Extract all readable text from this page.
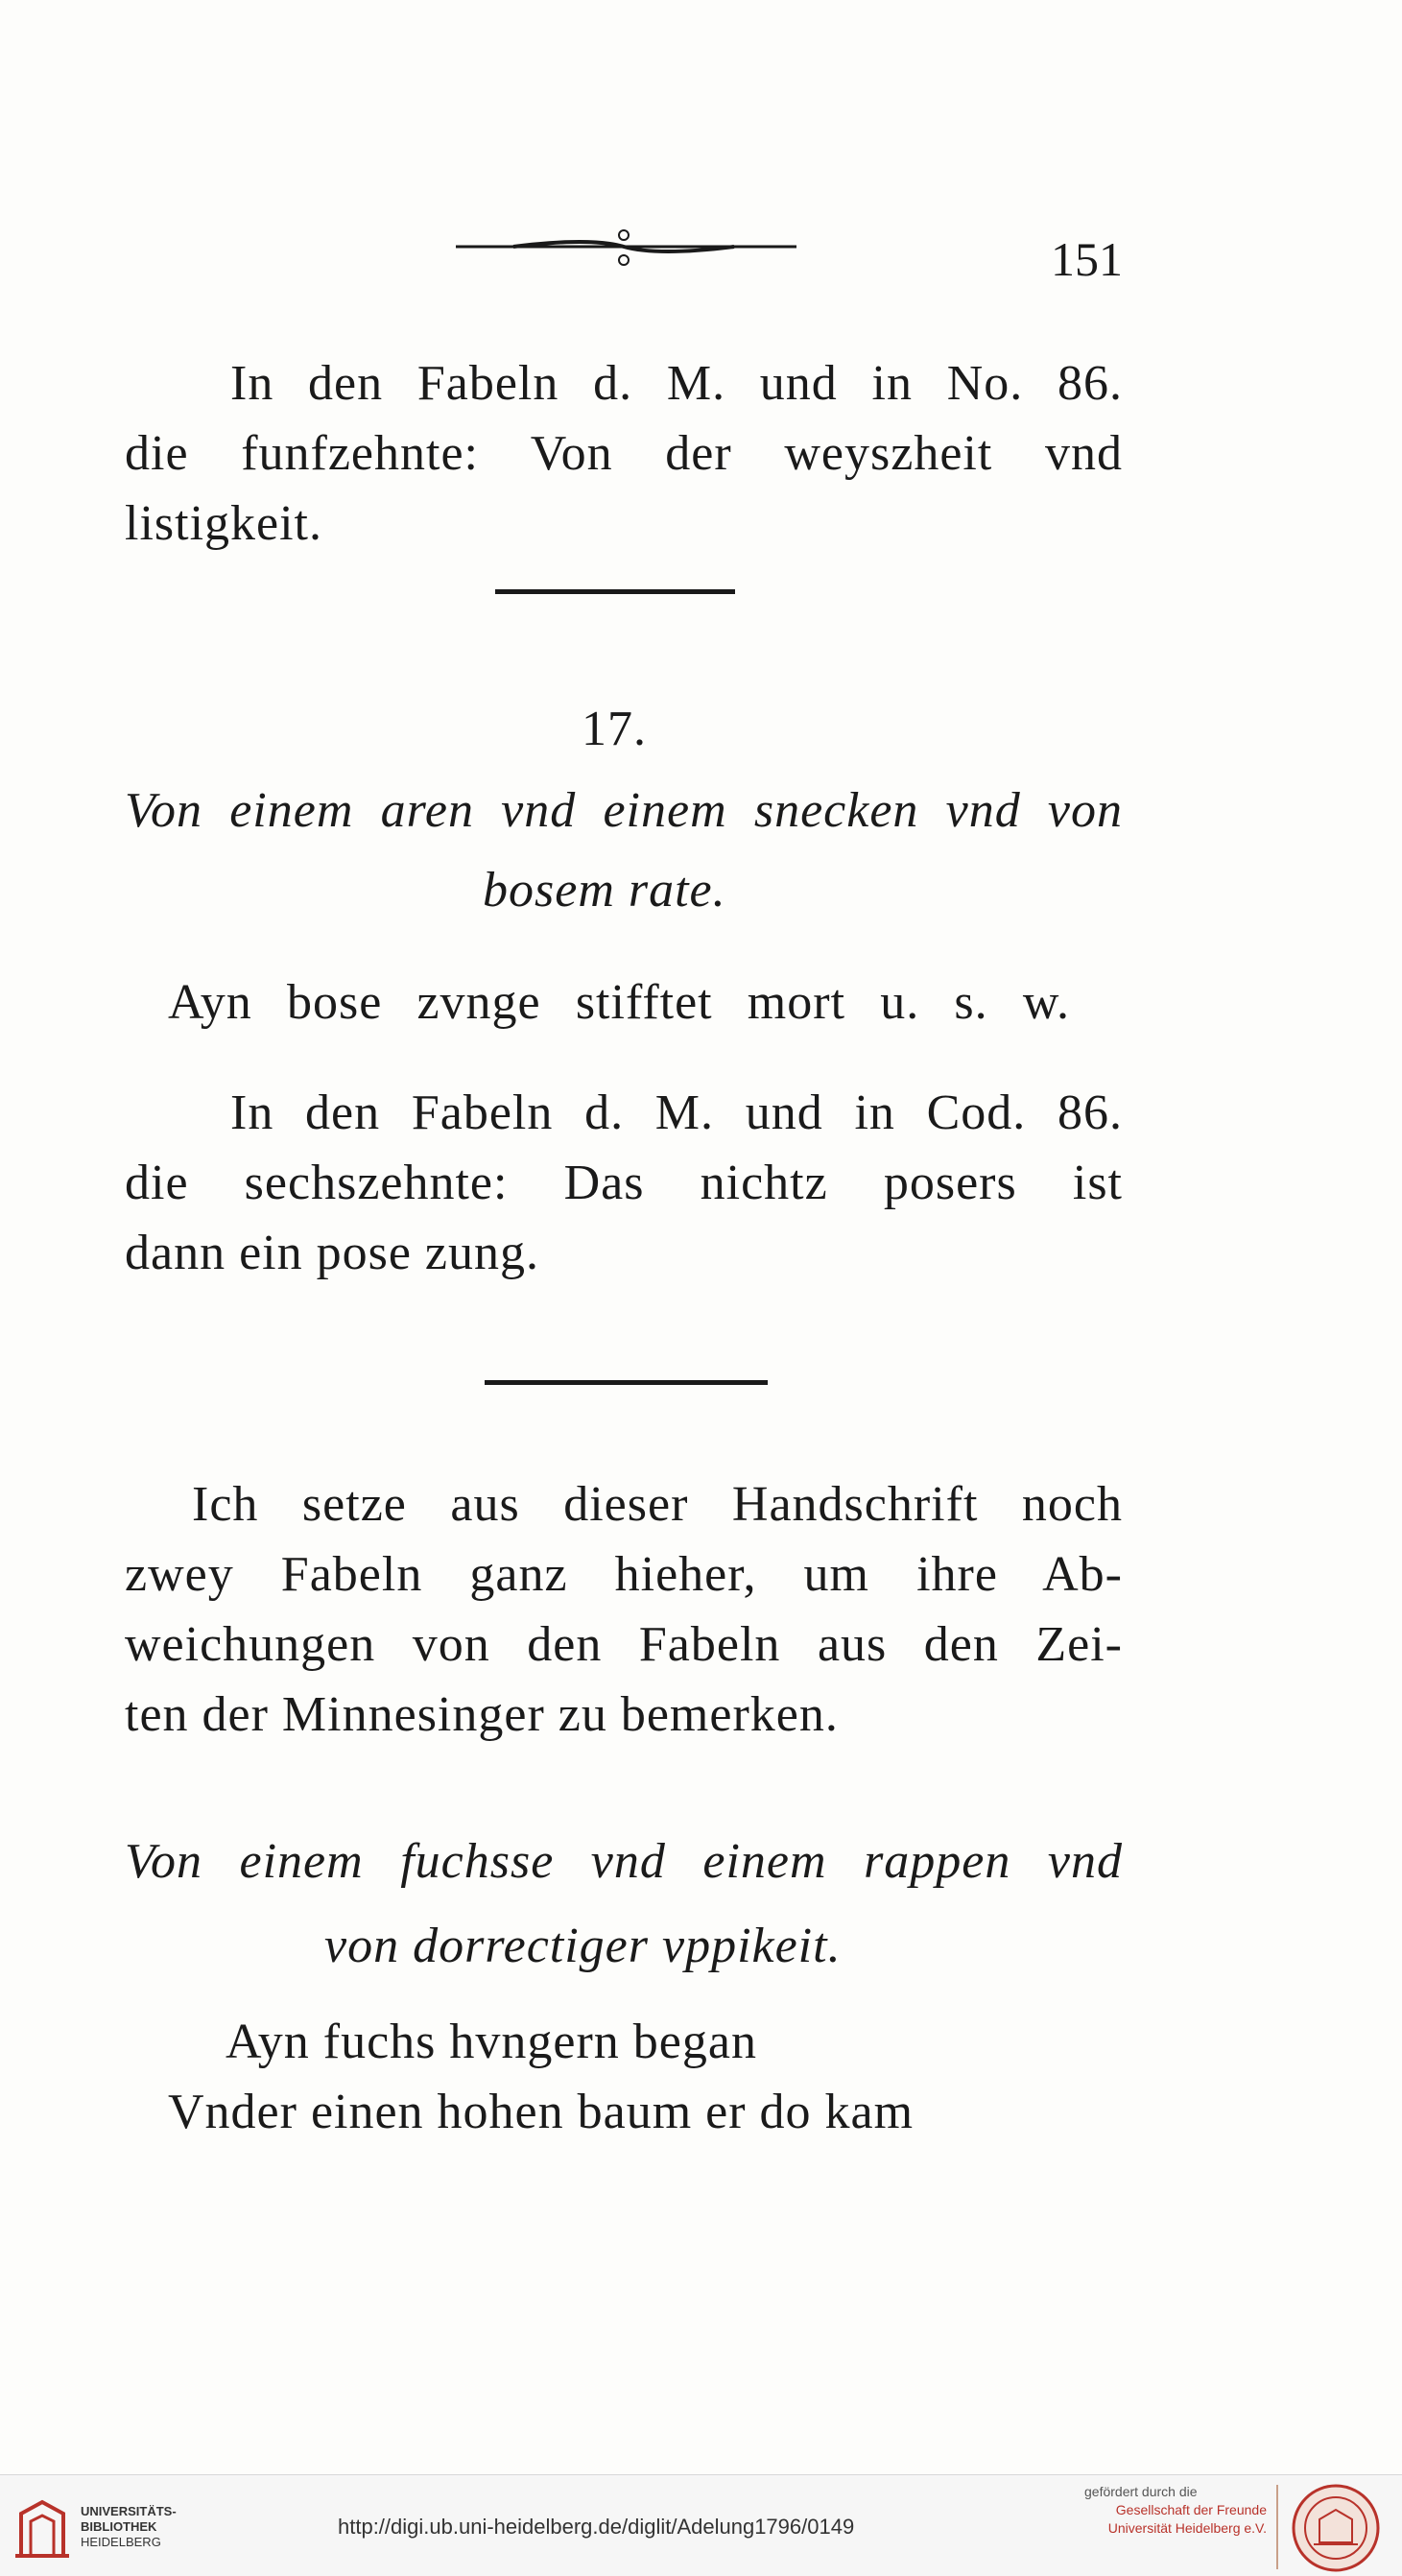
151
In den Fabeln d. M. und in No. 86.
die funfzehnte: Von der weyszheit vnd
listigkeit.
17.
Von einem aren vnd einem snecken vnd von
bosem rate.
Ayn bose zvnge stifftet mort u. s. w.
In den Fabeln d. M. und in Cod. 86.
die sechszehnte: Das nichtz posers ist
dann ein pose zung.
Ich setze aus dieser Handschrift noch
zwey Fabeln ganz hieher, um ihre Ab-
weichungen von den Fabeln aus den Zei-
ten der Minnesinger zu bemerken.
Von einem fuchsse vnd einem rappen vnd
von dorrectiger vppikeit.
Ayn fuchs hvngern began
Vnder einen hohen baum er do kam
UNIVERSITÄTS-
BIBLIOTHEK
HEIDELBERG
http://digi.ub.uni-heidelberg.de/diglit/Adelung1796/0149
gefördert durch die
Gesellschaft der Freunde
Universität Heidelberg e.V.
